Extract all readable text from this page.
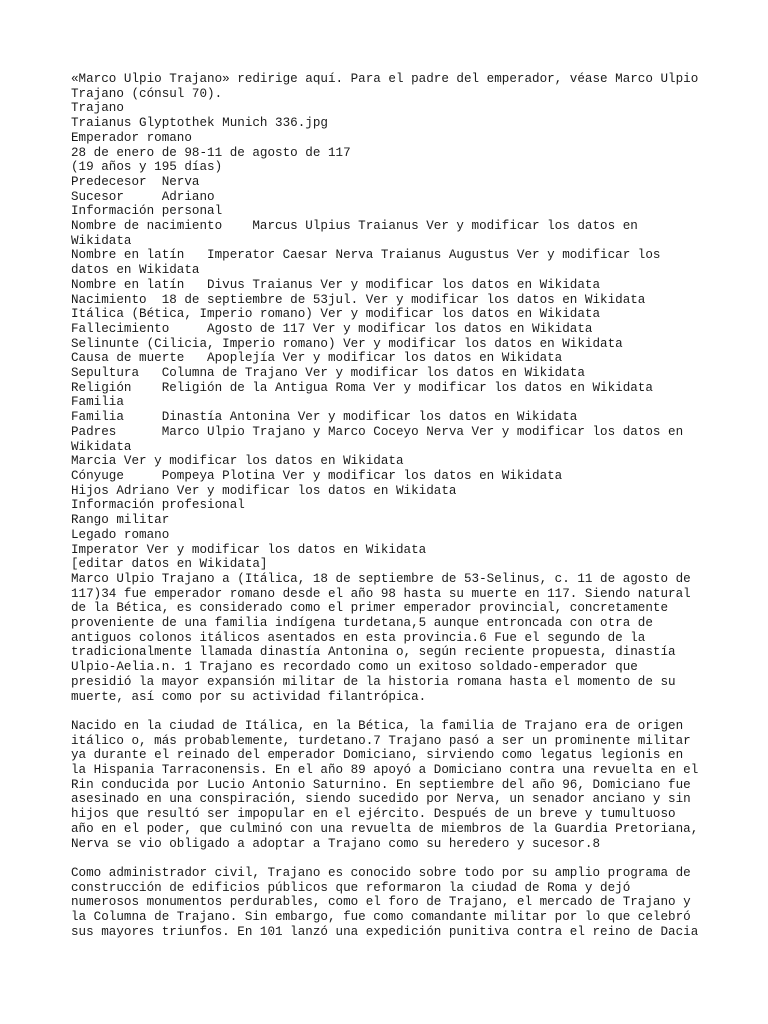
«Marco Ulpio Trajano» redirige aquí. Para el padre del emperador, véase Marco Ulpio
Trajano (cónsul 70).
Trajano
Traianus Glyptothek Munich 336.jpg
Emperador romano
28 de enero de 98-11 de agosto de 117
(19 años y 195 días)
Predecesor  Nerva
Sucesor     Adriano
Información personal
Nombre de nacimiento    Marcus Ulpius Traianus Ver y modificar los datos en
Wikidata
Nombre en latín   Imperator Caesar Nerva Traianus Augustus Ver y modificar los
datos en Wikidata
Nombre en latín   Divus Traianus Ver y modificar los datos en Wikidata
Nacimiento  18 de septiembre de 53jul. Ver y modificar los datos en Wikidata
Itálica (Bética, Imperio romano) Ver y modificar los datos en Wikidata
Fallecimiento     Agosto de 117 Ver y modificar los datos en Wikidata
Selinunte (Cilicia, Imperio romano) Ver y modificar los datos en Wikidata
Causa de muerte   Apoplejía Ver y modificar los datos en Wikidata
Sepultura   Columna de Trajano Ver y modificar los datos en Wikidata
Religión    Religión de la Antigua Roma Ver y modificar los datos en Wikidata
Familia
Familia     Dinastía Antonina Ver y modificar los datos en Wikidata
Padres      Marco Ulpio Trajano y Marco Coceyo Nerva Ver y modificar los datos en
Wikidata
Marcia Ver y modificar los datos en Wikidata
Cónyuge     Pompeya Plotina Ver y modificar los datos en Wikidata
Hijos Adriano Ver y modificar los datos en Wikidata
Información profesional
Rango militar
Legado romano
Imperator Ver y modificar los datos en Wikidata
[editar datos en Wikidata]
Marco Ulpio Trajano a (Itálica, 18 de septiembre de 53-Selinus, c. 11 de agosto de
117)34 fue emperador romano desde el año 98 hasta su muerte en 117. Siendo natural
de la Bética, es considerado como el primer emperador provincial, concretamente
proveniente de una familia indígena turdetana,5 aunque entroncada con otra de
antiguos colonos itálicos asentados en esta provincia.6 Fue el segundo de la
tradicionalmente llamada dinastía Antonina o, según reciente propuesta, dinastía
Ulpio-Aelia.n. 1 Trajano es recordado como un exitoso soldado-emperador que
presidió la mayor expansión militar de la historia romana hasta el momento de su
muerte, así como por su actividad filantrópica.
Nacido en la ciudad de Itálica, en la Bética, la familia de Trajano era de origen
itálico o, más probablemente, turdetano.7 Trajano pasó a ser un prominente militar
ya durante el reinado del emperador Domiciano, sirviendo como legatus legionis en
la Hispania Tarraconensis. En el año 89 apoyó a Domiciano contra una revuelta en el
Rin conducida por Lucio Antonio Saturnino. En septiembre del año 96, Domiciano fue
asesinado en una conspiración, siendo sucedido por Nerva, un senador anciano y sin
hijos que resultó ser impopular en el ejército. Después de un breve y tumultuoso
año en el poder, que culminó con una revuelta de miembros de la Guardia Pretoriana,
Nerva se vio obligado a adoptar a Trajano como su heredero y sucesor.8
Como administrador civil, Trajano es conocido sobre todo por su amplio programa de
construcción de edificios públicos que reformaron la ciudad de Roma y dejó
numerosos monumentos perdurables, como el foro de Trajano, el mercado de Trajano y
la Columna de Trajano. Sin embargo, fue como comandante militar por lo que celebró
sus mayores triunfos. En 101 lanzó una expedición punitiva contra el reino de Dacia
